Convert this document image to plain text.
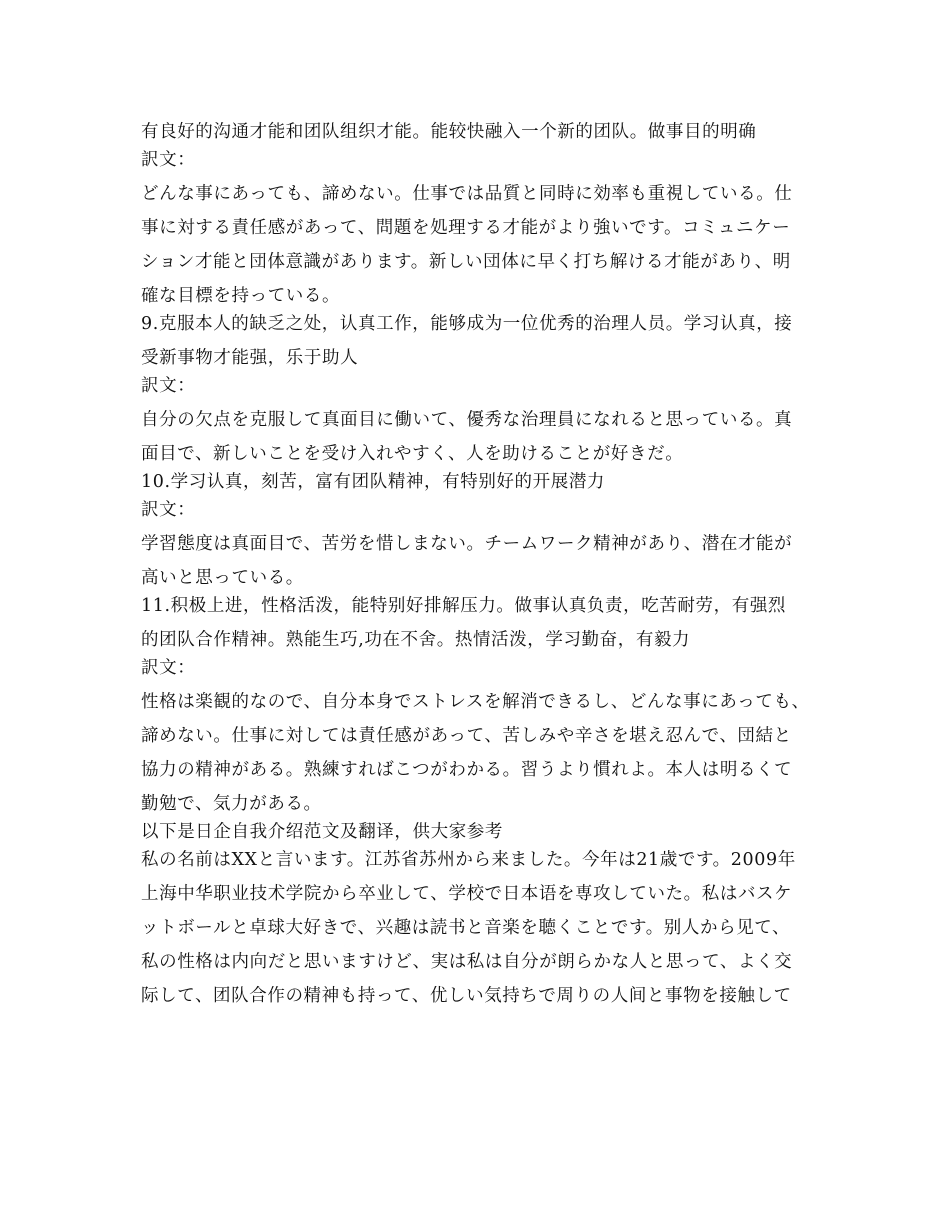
有良好的沟通才能和团队组织才能。能较快融入一个新的团队。做事目的明确
訳文：
どんな事にあっても、諦めない。仕事では品質と同時に効率も重視している。仕
事に対する責任感があって、問題を処理する才能がより強いです。コミュニケー
ション才能と団体意識があります。新しい団体に早く打ち解ける才能があり、明
確な目標を持っている。
9.克服本人的缺乏之处，认真工作，能够成为一位优秀的治理人员。学习认真，接
受新事物才能强，乐于助人
訳文：
自分の欠点を克服して真面目に働いて、優秀な治理員になれると思っている。真
面目で、新しいことを受け入れやすく、人を助けることが好きだ。
10.学习认真，刻苦，富有团队精神，有特别好的开展潜力
訳文：
学習態度は真面目で、苦労を惜しまない。チームワーク精神があり、潜在才能が
高いと思っている。
11.积极上进，性格活泼，能特别好排解压力。做事认真负责，吃苦耐劳，有强烈
的团队合作精神。熟能生巧,功在不舍。热情活泼，学习勤奋，有毅力
訳文：
性格は楽観的なので、自分本身でストレスを解消できるし、どんな事にあっても、
諦めない。仕事に対しては責任感があって、苦しみや辛さを堪え忍んで、団結と
協力の精神がある。熟練すればこつがわかる。習うより慣れよ。本人は明るくて
勤勉で、気力がある。
以下是日企自我介绍范文及翻译，供大家参考
私の名前はXXと言います。江苏省苏州から来ました。今年は21歳です。2009年
上海中华职业技术学院から卒业して、学校で日本语を専攻していた。私はバスケ
ットボールと卓球大好きで、兴趣は読书と音楽を聴くことです。别人から见て、
私の性格は内向だと思いますけど、実は私は自分が朗らかな人と思って、よく交
际して、团队合作の精神も持って、优しい気持ちで周りの人间と事物を接触して
